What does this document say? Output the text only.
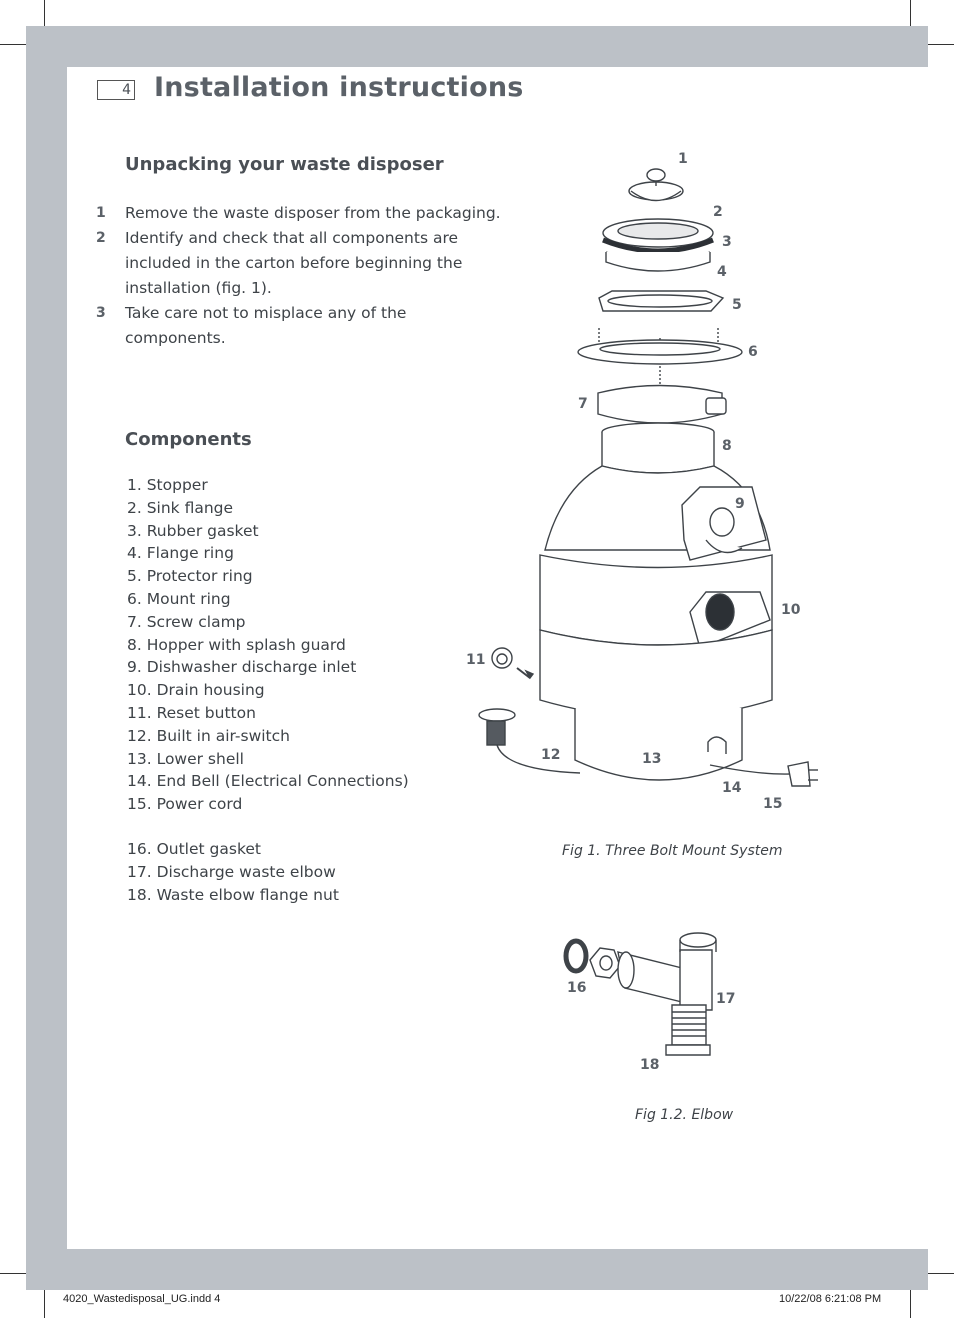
4 Installation instructions
Unpacking your waste disposer
1 Remove the waste disposer from the packaging.
2 Identify and check that all components are
included in the carton before beginning the
installation (fig. 1).
3 Take care not to misplace any of the
components.
Components
1. Stopper
2. Sink flange
3. Rubber gasket
4. Flange ring
5. Protector ring
6. Mount ring
7. Screw clamp
8. Hopper with splash guard
9. Dishwasher discharge inlet
10. Drain housing
11. Reset button
12. Built in air-switch
13. Lower shell
14. End Bell (Electrical Connections)
15. Power cord
16. Outlet gasket
17. Discharge waste elbow
18. Waste elbow flange nut
1
2
3
4
5
6
7
8
9
10
11
12	13
14
15
Fig 1. Three Bolt Mount System
16
17
18
Fig 1.2. Elbow
4020_Wastedisposal_UG.indd 4	10/22/08 6:21:08 PM
